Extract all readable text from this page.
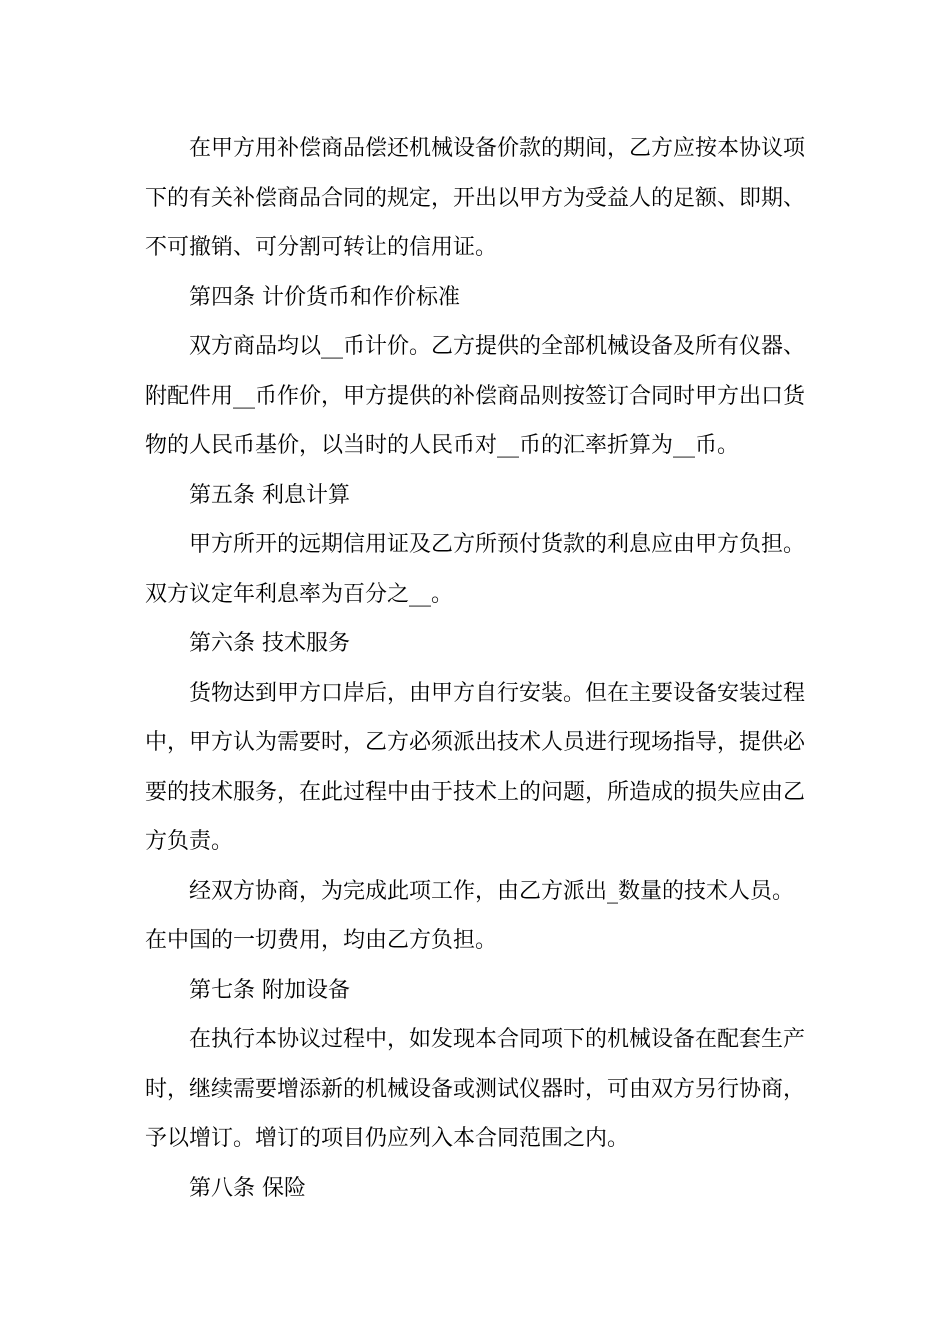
在甲方用补偿商品偿还机械设备价款的期间，乙方应按本协议项下的有关补偿商品合同的规定，开出以甲方为受益人的足额、即期、不可撤销、可分割可转让的信用证。

第四条 计价货币和作价标准

双方商品均以__币计价。乙方提供的全部机械设备及所有仪器、附配件用__币作价，甲方提供的补偿商品则按签订合同时甲方出口货物的人民币基价，以当时的人民币对__币的汇率折算为__币。

第五条 利息计算

甲方所开的远期信用证及乙方所预付货款的利息应由甲方负担。双方议定年利息率为百分之__。

第六条 技术服务

货物达到甲方口岸后，由甲方自行安装。但在主要设备安装过程中，甲方认为需要时，乙方必须派出技术人员进行现场指导，提供必要的技术服务，在此过程中由于技术上的问题，所造成的损失应由乙方负责。

经双方协商，为完成此项工作，由乙方派出_数量的技术人员。在中国的一切费用，均由乙方负担。

第七条 附加设备

在执行本协议过程中，如发现本合同项下的机械设备在配套生产时，继续需要增添新的机械设备或测试仪器时，可由双方另行协商，予以增订。增订的项目仍应列入本合同范围之内。

第八条 保险
